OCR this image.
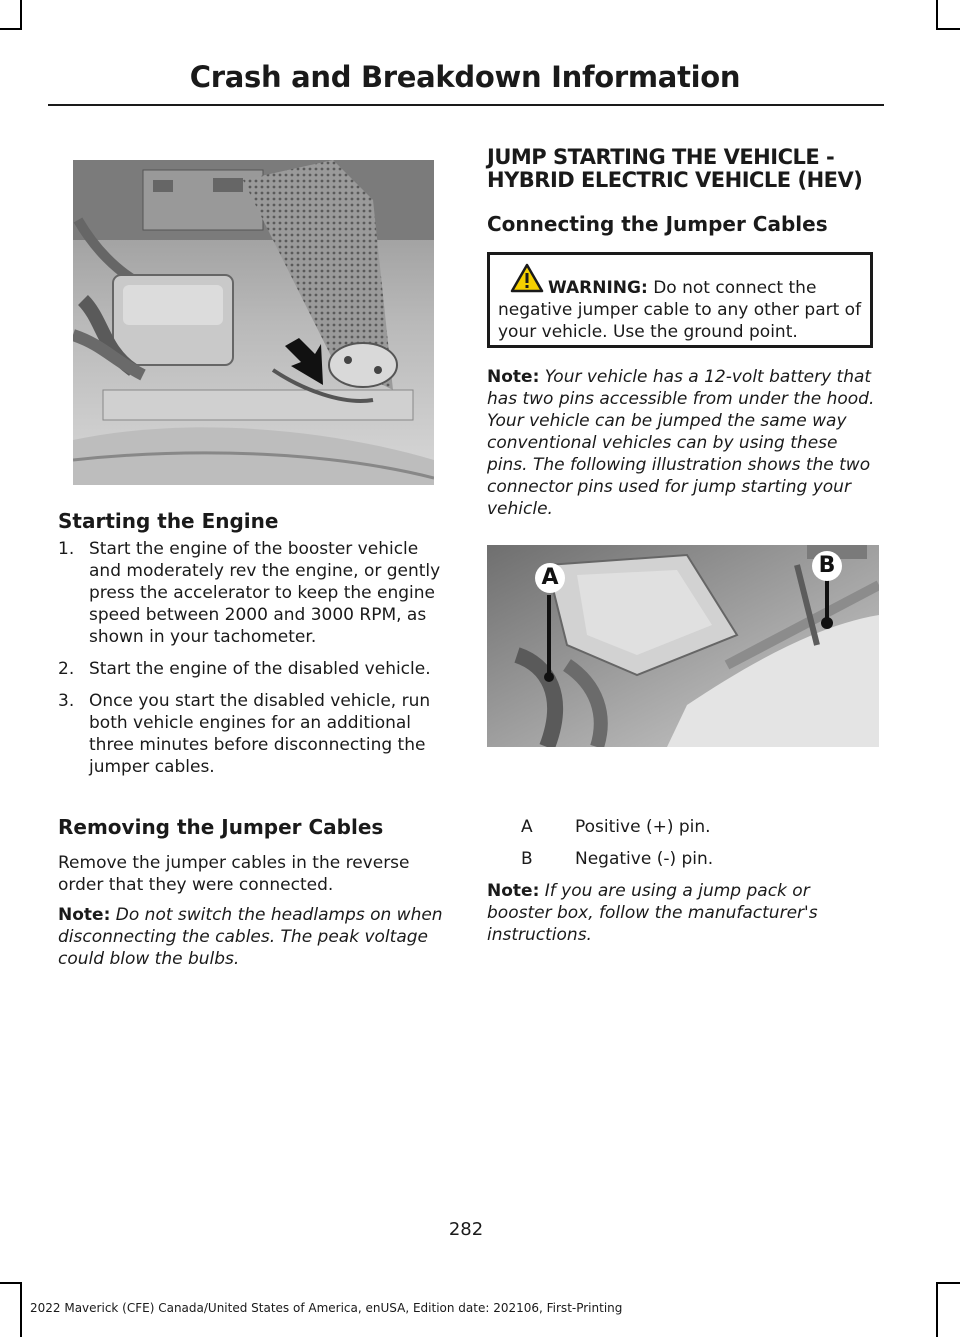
Crash and Breakdown Information
Starting the Engine
1. Start the engine of the booster vehicle and moderately rev the engine, or gently press the accelerator to keep the engine speed between 2000 and 3000 RPM, as shown in your tachometer.
2. Start the engine of the disabled vehicle.
3. Once you start the disabled vehicle, run both vehicle engines for an additional three minutes before disconnecting the jumper cables.
Removing the Jumper Cables

Remove the jumper cables in the reverse order that they were connected.

Note: Do not switch the headlamps on when disconnecting the cables. The peak voltage could blow the bulbs.

JUMP STARTING THE VEHICLE -
HYBRID ELECTRIC VEHICLE (HEV)
Connecting the Jumper Cables
WARNING: Do not connect the negative jumper cable to any other part of your vehicle. Use the ground point.

Note: Your vehicle has a 12-volt battery that has two pins accessible from under the hood. Your vehicle can be jumped the same way conventional vehicles can by using these pins. The following illustration shows the two connector pins used for jump starting your vehicle.

A	B
A Positive (+) pin.
B Negative (-) pin.

Note: If you are using a jump pack or booster box, follow the manufacturer's instructions.

282
2022 Maverick (CFE) Canada/United States of America, enUSA, Edition date: 202106, First-Printing
